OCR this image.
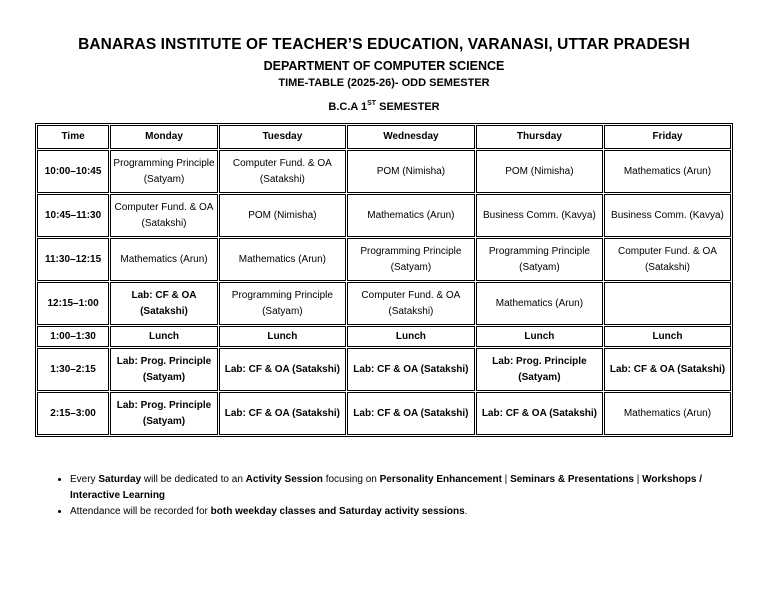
BANARAS INSTITUTE OF TEACHER’S EDUCATION, VARANASI, UTTAR PRADESH
DEPARTMENT OF COMPUTER SCIENCE
TIME-TABLE (2025-26)- ODD SEMESTER
B.C.A 1ST SEMESTER
Time	Monday	Tuesday	Wednesday	Thursday	Friday
10:00–10:45	Programming Principle (Satyam)	Computer Fund. & OA (Satakshi)	POM (Nimisha)	POM (Nimisha)	Mathematics (Arun)
10:45–11:30	Computer Fund. & OA (Satakshi)	POM (Nimisha)	Mathematics (Arun)	Business Comm. (Kavya)	Business Comm. (Kavya)
11:30–12:15	Mathematics (Arun)	Mathematics (Arun)	Programming Principle (Satyam)	Programming Principle (Satyam)	Computer Fund. & OA (Satakshi)
12:15–1:00	Lab: CF & OA (Satakshi)	Programming Principle (Satyam)	Computer Fund. & OA (Satakshi)	Mathematics (Arun)	
1:00–1:30	Lunch	Lunch	Lunch	Lunch	Lunch
1:30–2:15	Lab: Prog. Principle (Satyam)	Lab: CF & OA (Satakshi)	Lab: CF & OA (Satakshi)	Lab: Prog. Principle (Satyam)	Lab: CF & OA (Satakshi)
2:15–3:00	Lab: Prog. Principle (Satyam)	Lab: CF & OA (Satakshi)	Lab: CF & OA (Satakshi)	Lab: CF & OA (Satakshi)	Mathematics (Arun)
• Every Saturday will be dedicated to an Activity Session focusing on Personality Enhancement | Seminars & Presentations | Workshops / Interactive Learning
• Attendance will be recorded for both weekday classes and Saturday activity sessions.
